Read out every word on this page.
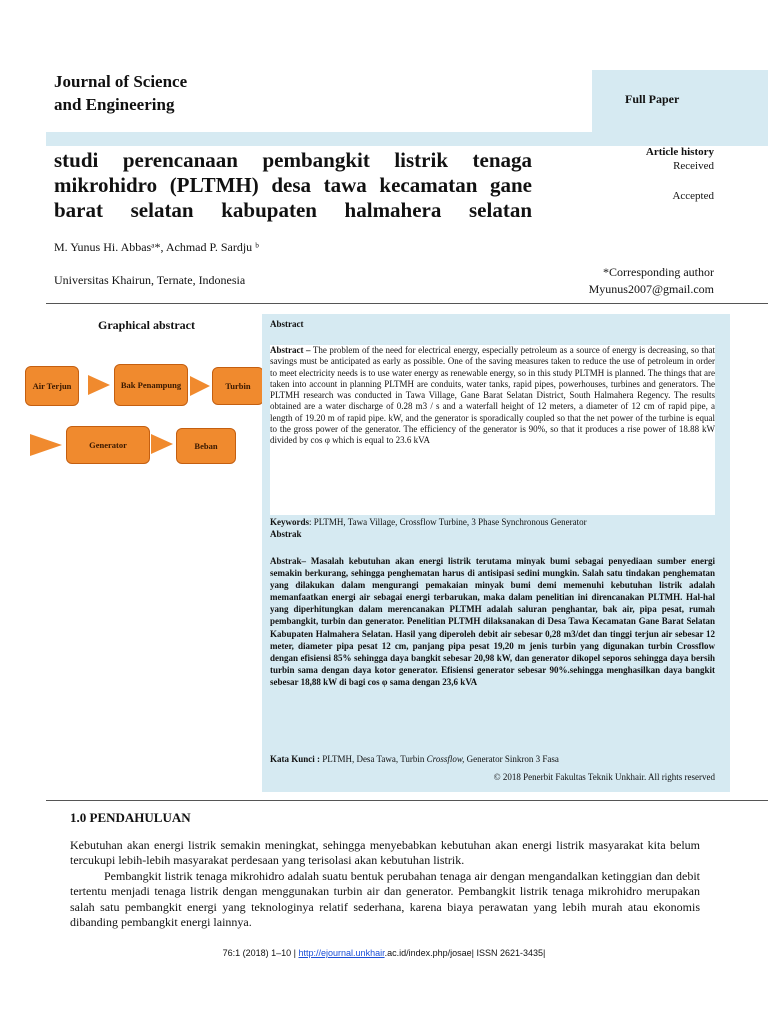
Journal of Science
and Engineering	Full Paper
studi perencanaan pembangkit listrik tenaga mikrohidro (PLTMH) desa tawa kecamatan gane barat selatan kabupaten halmahera selatan
Article history
Received
Accepted
M. Yunus Hi. Abbasᵃ*, Achmad P. Sardju ᵇ
Universitas Khairun, Ternate, Indonesia
*Corresponding author
Myunus2007@gmail.com
Graphical abstract
Air Terjun	Bak Penampung	Turbin
Generator	Beban
Abstract
Abstract – The problem of the need for electrical energy, especially petroleum as a source of energy is decreasing, so that savings must be anticipated as early as possible. One of the saving measures taken to reduce the use of petroleum in order to meet electricity needs is to use water energy as renewable energy, so in this study PLTMH is planned. The things that are taken into account in planning PLTMH are conduits, water tanks, rapid pipes, powerhouses, turbines and generators. The PLTMH research was conducted in Tawa Village, Gane Barat Selatan District, South Halmahera Regency. The results obtained are a water discharge of 0.28 m3 / s and a waterfall height of 12 meters, a diameter of 12 cm of rapid pipe, a length of 19.20 m of rapid pipe. kW, and the generator is sporadically coupled so that the net power of the turbine is equal to the gross power of the generator. The efficiency of the generator is 90%, so that it produces a rise power of 18.88 kW divided by cos φ which is equal to 23.6 kVA
Keywords: PLTMH, Tawa Village, Crossflow Turbine, 3 Phase Synchronous Generator
Abstrak
Abstrak– Masalah kebutuhan akan energi listrik terutama minyak bumi sebagai penyediaan sumber energi semakin berkurang, sehingga penghematan harus di antisipasi sedini mungkin. Salah satu tindakan penghematan yang dilakukan dalam mengurangi pemakaian minyak bumi demi memenuhi kebutuhan listrik adalah memanfaatkan energi air sebagai energi terbarukan, maka dalam penelitian ini direncanakan PLTMH. Hal-hal yang diperhitungkan dalam merencanakan PLTMH adalah saluran penghantar, bak air, pipa pesat, rumah pembangkit, turbin dan generator. Penelitian PLTMH dilaksanakan di Desa Tawa Kecamatan Gane Barat Selatan Kabupaten Halmahera Selatan. Hasil yang diperoleh debit air sebesar 0,28 m3/det dan tinggi terjun air sebesar 12 meter, diameter pipa pesat 12 cm, panjang pipa pesat 19,20 m jenis turbin yang digunakan turbin Crossflow dengan efisiensi 85% sehingga daya bangkit sebesar 20,98 kW, dan generator dikopel seporos sehingga daya bersih turbin sama dengan daya kotor generator. Efisiensi generator sebesar 90%.sehingga menghasilkan daya bangkit sebesar 18,88 kW di bagi cos φ sama dengan 23,6 kVA
Kata Kunci : PLTMH, Desa Tawa, Turbin Crossflow, Generator Sinkron 3 Fasa
© 2018 Penerbit Fakultas Teknik Unkhair. All rights reserved
1.0 PENDAHULUAN

Kebutuhan akan energi listrik semakin meningkat, sehingga menyebabkan kebutuhan akan energi listrik masyarakat kita belum tercukupi lebih-lebih masyarakat perdesaan yang terisolasi akan kebutuhan listrik.

Pembangkit listrik tenaga mikrohidro adalah suatu bentuk perubahan tenaga air dengan mengandalkan ketinggian dan debit tertentu menjadi tenaga listrik dengan menggunakan turbin air dan generator. Pembangkit listrik tenaga mikrohidro merupakan salah satu pembangkit energi yang teknologinya relatif sederhana, karena biaya perawatan yang lebih murah atau ekonomis dibanding pembangkit energi lainnya.

76:1 (2018) 1–10 | http://ejournal.unkhair.ac.id/index.php/josae| ISSN 2621-3435|
